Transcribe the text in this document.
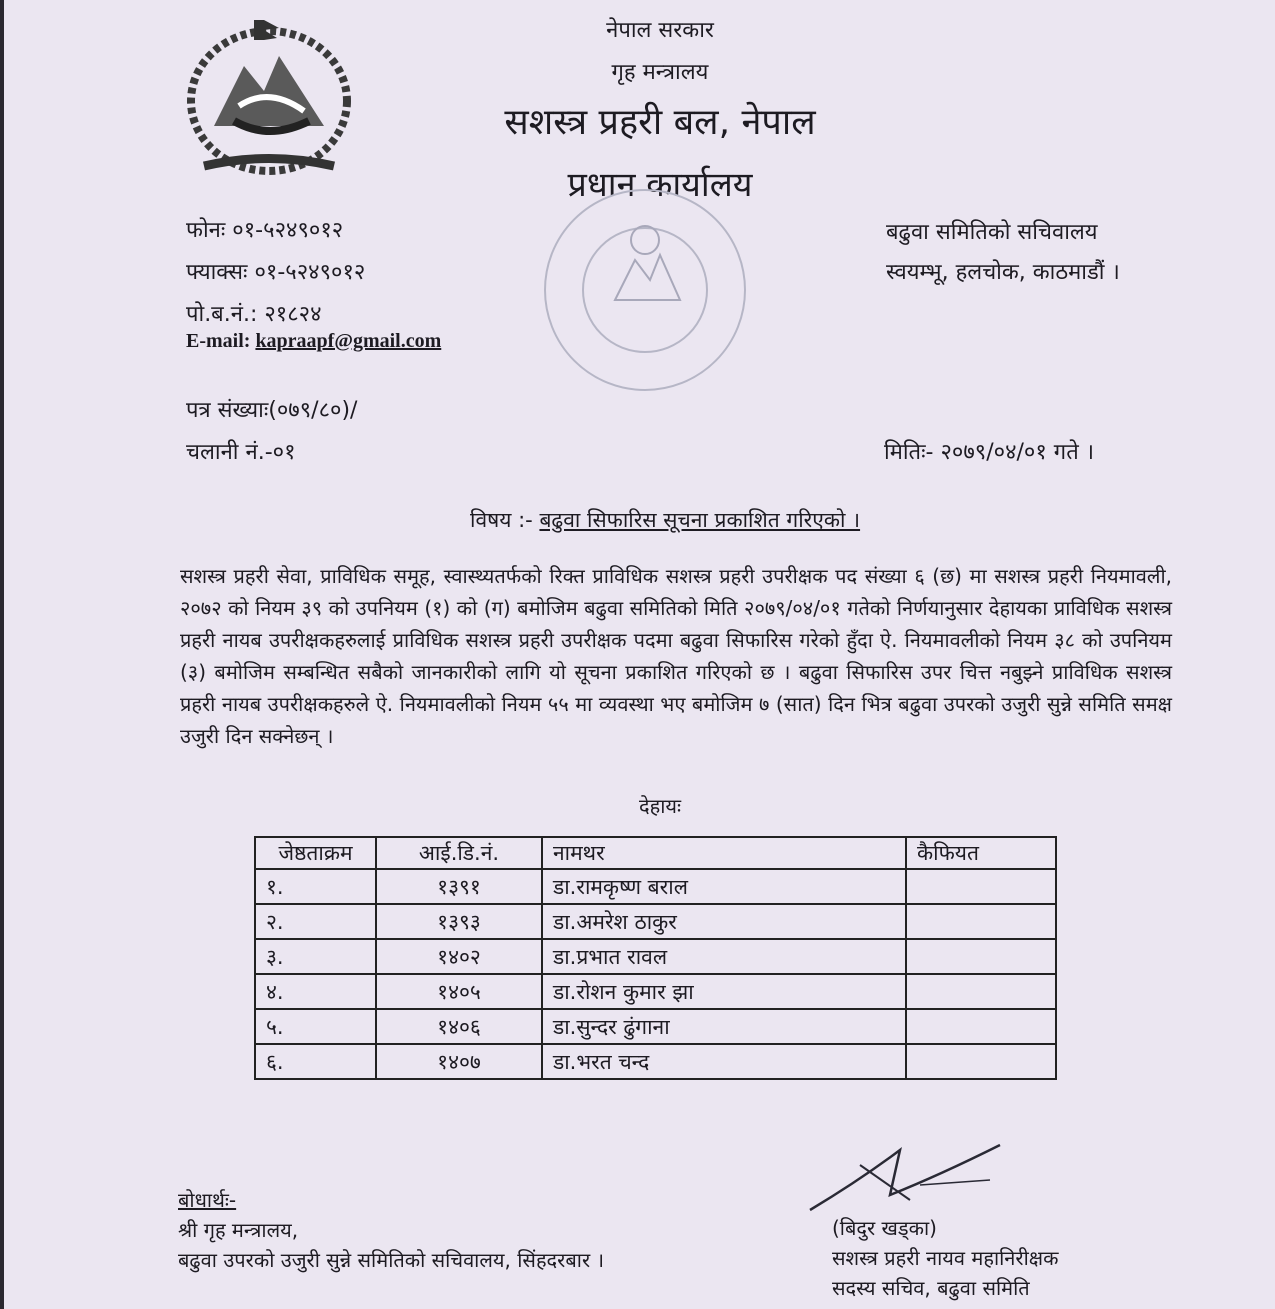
नेपाल सरकार
गृह मन्त्रालय
सशस्त्र प्रहरी बल, नेपाल
प्रधान कार्यालय
फोनः ०१-५२४९०१२
फ्याक्सः ०१-५२४९०१२
पो.ब.नं.: २१८२४
E-mail: kapraapf@gmail.com
बढुवा समितिको सचिवालय
स्वयम्भू, हलचोक, काठमाडौं ।
पत्र संख्याः(०७९/८०)/
चलानी नं.-०१	मितिः- २०७९/०४/०१ गते ।
विषय :- बढुवा सिफारिस सूचना प्रकाशित गरिएको ।
सशस्त्र प्रहरी सेवा, प्राविधिक समूह, स्वास्थ्यतर्फको रिक्त प्राविधिक सशस्त्र प्रहरी उपरीक्षक पद संख्या ६ (छ) मा सशस्त्र प्रहरी नियमावली, २०७२ को नियम ३९ को उपनियम (१) को (ग) बमोजिम बढुवा समितिको मिति २०७९/०४/०१ गतेको निर्णयानुसार देहायका प्राविधिक सशस्त्र प्रहरी नायब उपरीक्षकहरुलाई प्राविधिक सशस्त्र प्रहरी उपरीक्षक पदमा बढुवा सिफारिस गरेको हुँदा ऐ. नियमावलीको नियम ३८ को उपनियम (३) बमोजिम सम्बन्धित सबैको जानकारीको लागि यो सूचना प्रकाशित गरिएको छ । बढुवा सिफारिस उपर चित्त नबुझ्ने प्राविधिक सशस्त्र प्रहरी नायब उपरीक्षकहरुले ऐ. नियमावलीको नियम ५५ मा व्यवस्था भए बमोजिम ७ (सात) दिन भित्र बढुवा उपरको उजुरी सुन्ने समिति समक्ष उजुरी दिन सक्नेछन् ।
देहायः
जेष्ठताक्रम	आई.डि.नं.	नामथर	कैफियत
१.	१३९१	डा.रामकृष्ण बराल	
२.	१३९३	डा.अमरेश ठाकुर	
३.	१४०२	डा.प्रभात रावल	
४.	१४०५	डा.रोशन कुमार झा	
५.	१४०६	डा.सुन्दर ढुंगाना	
६.	१४०७	डा.भरत चन्द	
बोधार्थः-
श्री गृह मन्त्रालय,
बढुवा उपरको उजुरी सुन्ने समितिको सचिवालय, सिंहदरबार ।
(बिदुर खड्का)
सशस्त्र प्रहरी नायव महानिरीक्षक
सदस्य सचिव, बढुवा समिति
